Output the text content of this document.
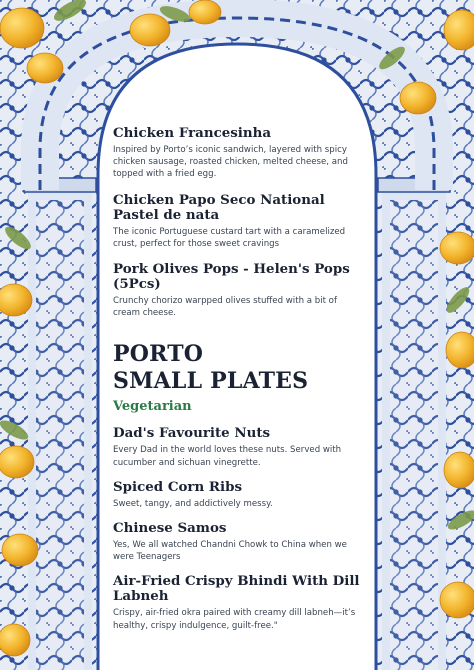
Chicken Francesinha

Inspired by Porto’s iconic sandwich, layered with spicy chicken sausage, roasted chicken, melted cheese, and topped with a fried egg.

Chicken Papo Seco National Pastel de nata

The iconic Portuguese custard tart with a caramelized crust, perfect for those sweet cravings

Pork Olives Pops - Helen's Pops (5Pcs)

Crunchy chorizo warpped olives stuffed with a bit of cream cheese.

PORTO
SMALL PLATES

Vegetarian

Dad's Favourite Nuts

Every Dad in the world loves these nuts. Served with cucumber and sichuan vinegrette.

Spiced Corn Ribs

Sweet, tangy, and addictively messy.

Chinese Samos

Yes, We all watched Chandni Chowk to China when we were Teenagers

Air-Fried Crispy Bhindi With Dill Labneh

Crispy, air-fried okra paired with creamy dill labneh—it’s healthy, crispy indulgence, guilt-free."
